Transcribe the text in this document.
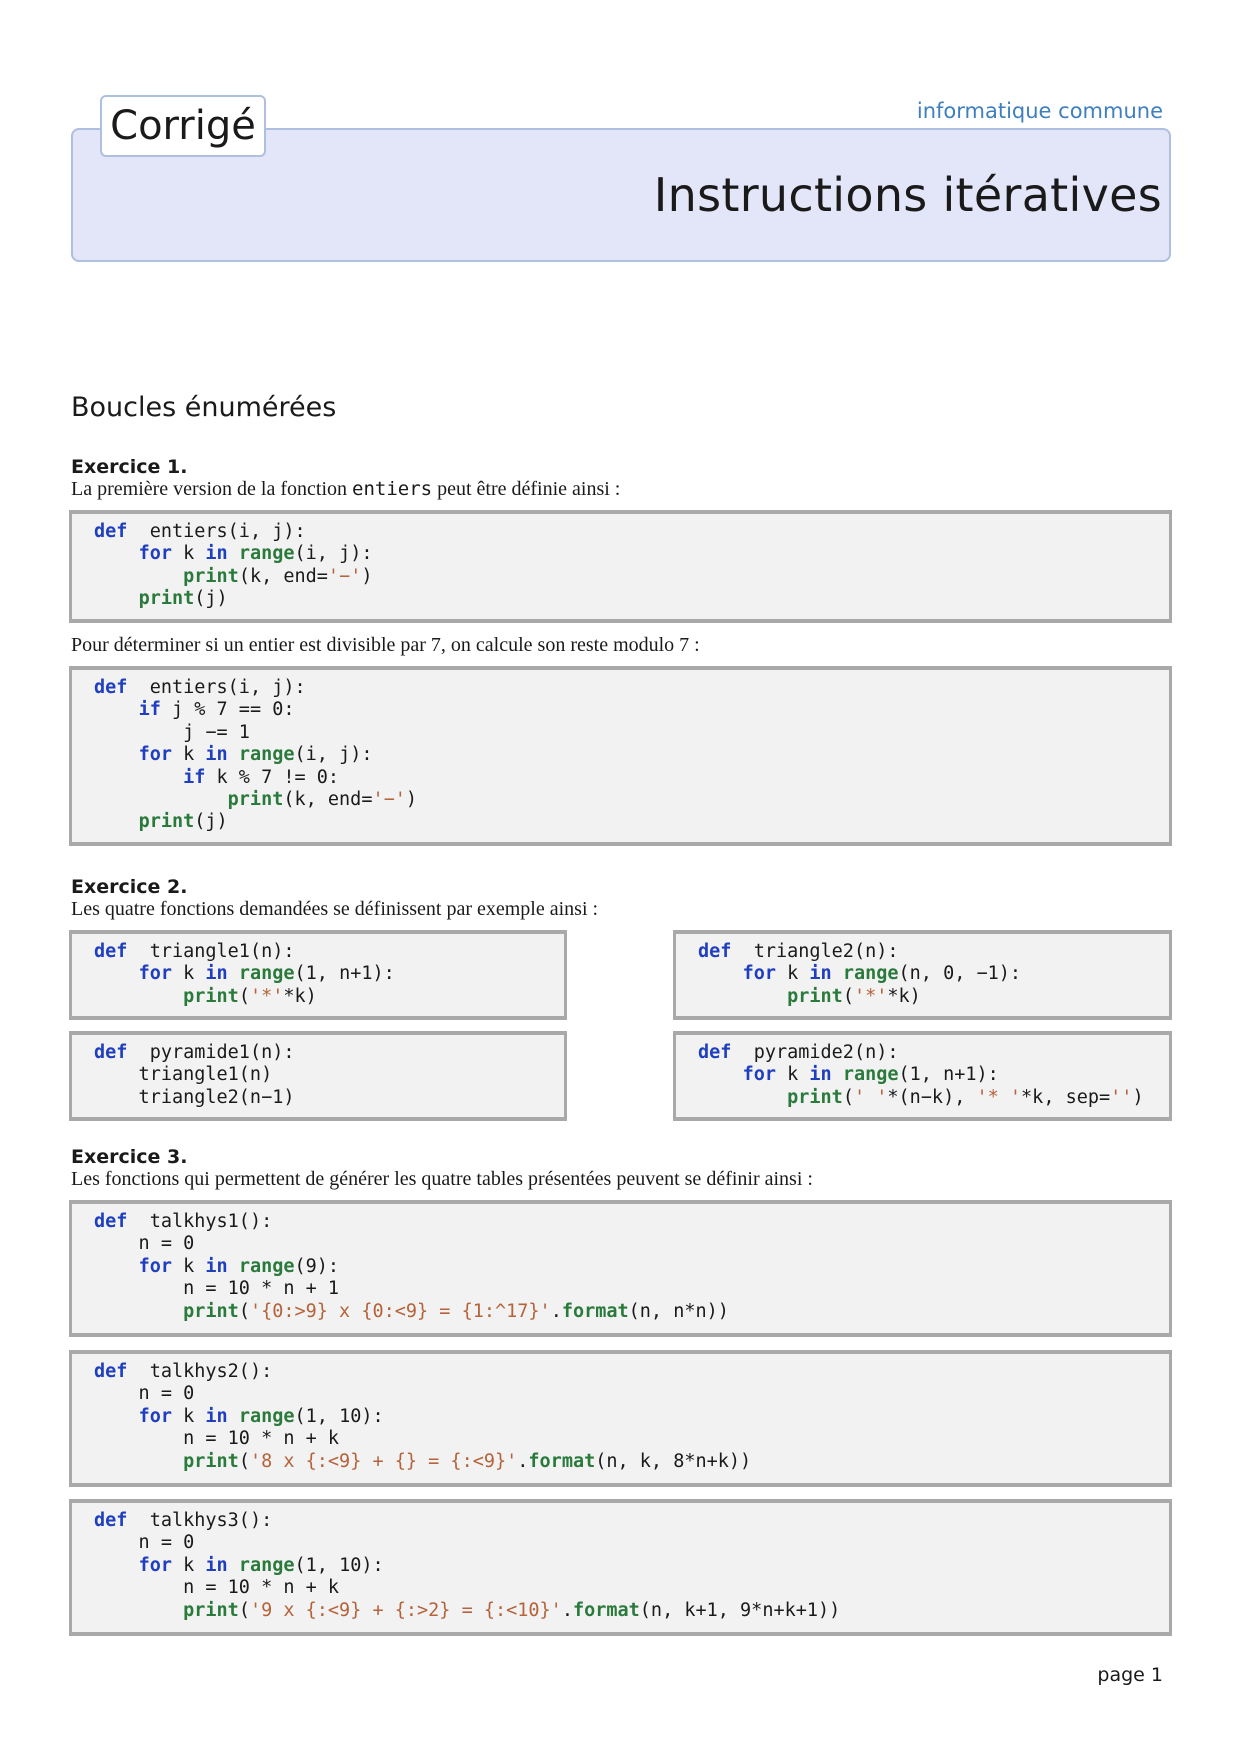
Corrigé	informatique commune
Instructions itératives
Boucles énumérées
Exercice 1.
La première version de la fonction entiers peut être définie ainsi :
def  entiers(i, j):
for k in range(i, j):
print(k, end='−')
print(j)
Pour déterminer si un entier est divisible par 7, on calcule son reste modulo 7 :
def  entiers(i, j):
if j % 7 == 0:
j −= 1
for k in range(i, j):
if k % 7 != 0:
print(k, end='−')
print(j)
Exercice 2.
Les quatre fonctions demandées se définissent par exemple ainsi :
def  triangle1(n):
for k in range(1, n+1):
print('*'*k)
def  triangle2(n):
for k in range(n, 0, −1):
print('*'*k)
def  pyramide1(n):
triangle1(n)
triangle2(n−1)
def  pyramide2(n):
for k in range(1, n+1):
print(' '*(n−k), '* '*k, sep='')
Exercice 3.
Les fonctions qui permettent de générer les quatre tables présentées peuvent se définir ainsi :
def  talkhys1():
n = 0
for k in range(9):
n = 10 * n + 1
print('{0:>9} x {0:<9} = {1:^17}'.format(n, n*n))
def  talkhys2():
n = 0
for k in range(1, 10):
n = 10 * n + k
print('8 x {:<9} + {} = {:<9}'.format(n, k, 8*n+k))
def  talkhys3():
n = 0
for k in range(1, 10):
n = 10 * n + k
print('9 x {:<9} + {:>2} = {:<10}'.format(n, k+1, 9*n+k+1))
page 1
